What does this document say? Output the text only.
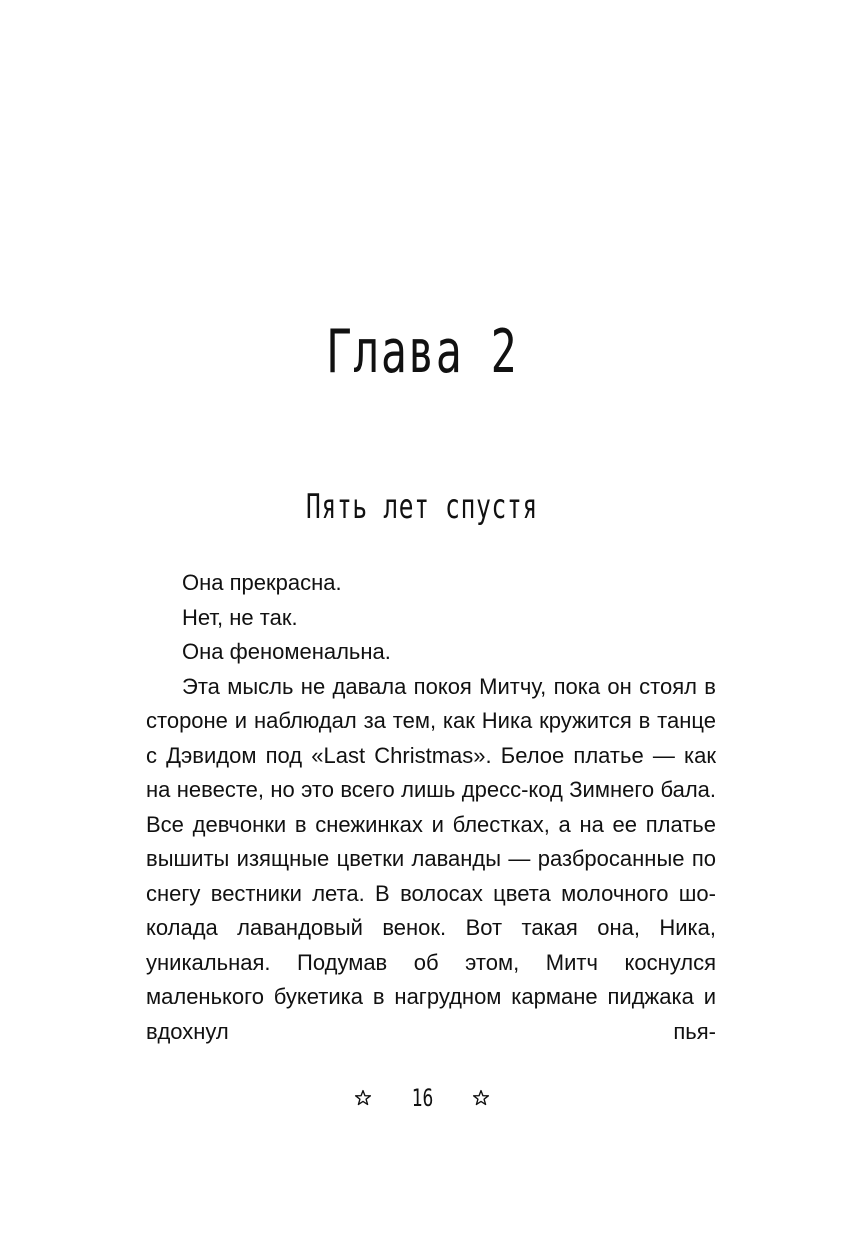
Глава 2
Пять лет спустя

Она прекрасна.

Нет, не так.

Она феноменальна.

Эта мысль не давала покоя Митчу, пока он стоял в стороне и наблюдал за тем, как Ника кружится в танце с Дэвидом под «Last Christmas». Белое платье — как на невесте, но это всего лишь дресс-код Зимнего бала. Все девчонки в снежинках и блестках, а на ее платье вышиты изящные цветки лаванды — разбросанные по снегу вестники лета. В волосах цвета молочного шоколада лавандовый венок. Вот такая она, Ника, уникальная. Подумав об этом, Митч коснулся маленького букетика в нагрудном кармане пиджака и вдохнул пья-

16
